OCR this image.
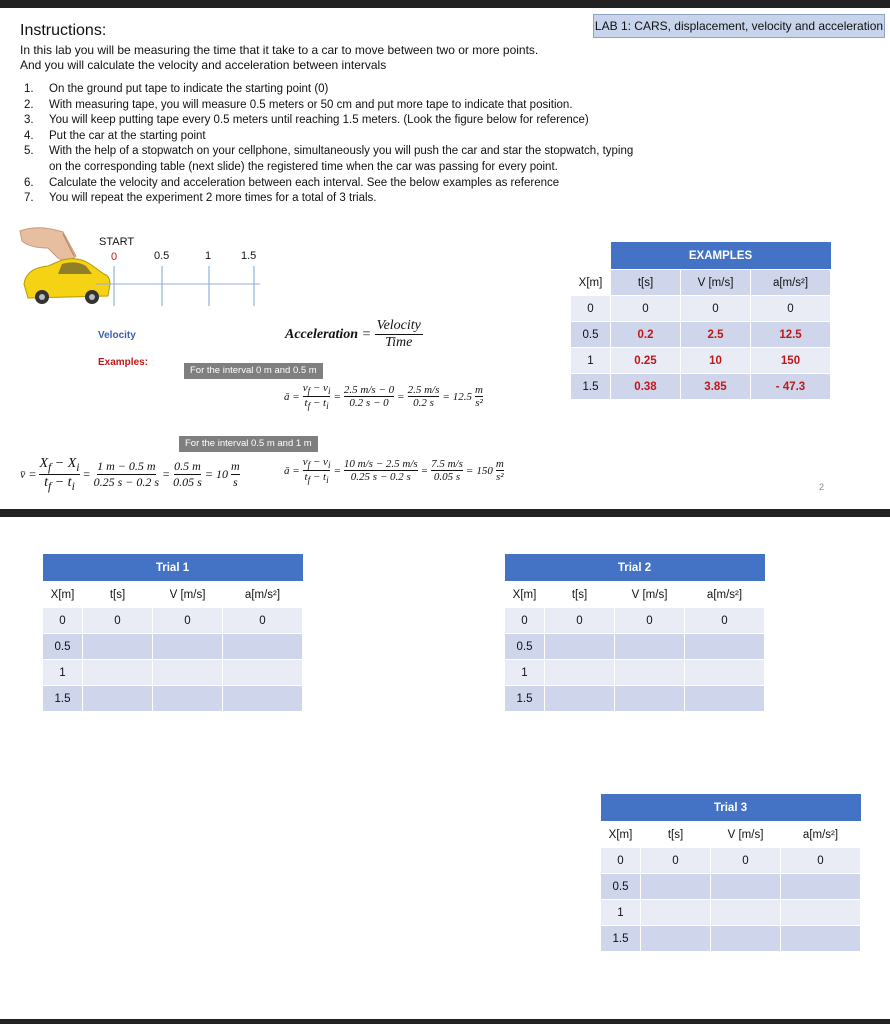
LAB 1: CARS, displacement, velocity and acceleration
Instructions:
In this lab you will be measuring the time that it take to a car to move between two or more points.
And you will calculate the velocity and acceleration between intervals
1. On the ground put tape to indicate the starting point (0)
2. With measuring tape, you will measure 0.5 meters or 50 cm and put more tape to indicate that position.
3. You will keep putting tape every 0.5 meters until reaching 1.5 meters. (Look the figure below for reference)
4. Put the car at the starting point
5. With the help of a stopwatch on your cellphone, simultaneously you will push the car and star the stopwatch, typing on the corresponding table (next slide) the registered time when the car was passing for every point.
6. Calculate the velocity and acceleration between each interval. See the below examples as reference
7. You will repeat the experiment 2 more times for a total of 3 trials.
START
0	0.5	1	1.5
Velocity
Examples:
Acceleration =
Velocity
Time
For the interval 0 m and 0.5 m
For the interval 0.5 m and 1 m
ā = $\frac{v_f - v_i}{t_f - t_i} = \frac{2.5 m/s - 0}{0.2 s - 0} = \frac{2.5 m/s}{0.2 s} = 12.5$
m
s²
v̄ = $\frac{X_f - X_i}{t_f - t_i} = \frac{1 m - 0.5 m}{0.25 s - 0.2 s} = \frac{0.5 m}{0.05 s} = 10$
m
s
ā = $\frac{v_f - v_i}{t_f - t_i} = \frac{10 m/s - 2.5 m/s}{0.25 s - 0.2 s} = \frac{7.5 m/s}{0.05 s} = 150$
m
s²
	EXAMPLES		
X[m]	t[s]	V [m/s]	a[m/s²]
0	0	0	0
0.5	0.2	2.5	12.5
1	0.25	10	150
1.5	0.38	3.85	- 47.3
2
Trial 1			
X[m]	t[s]	V [m/s]	a[m/s²]
0	0	0	0
0.5			
1			
1.5			
Trial 2			
X[m]	t[s]	V [m/s]	a[m/s²]
0	0	0	0
0.5			
1			
1.5			
Trial 3			
X[m]	t[s]	V [m/s]	a[m/s²]
0	0	0	0
0.5			
1			
1.5			
